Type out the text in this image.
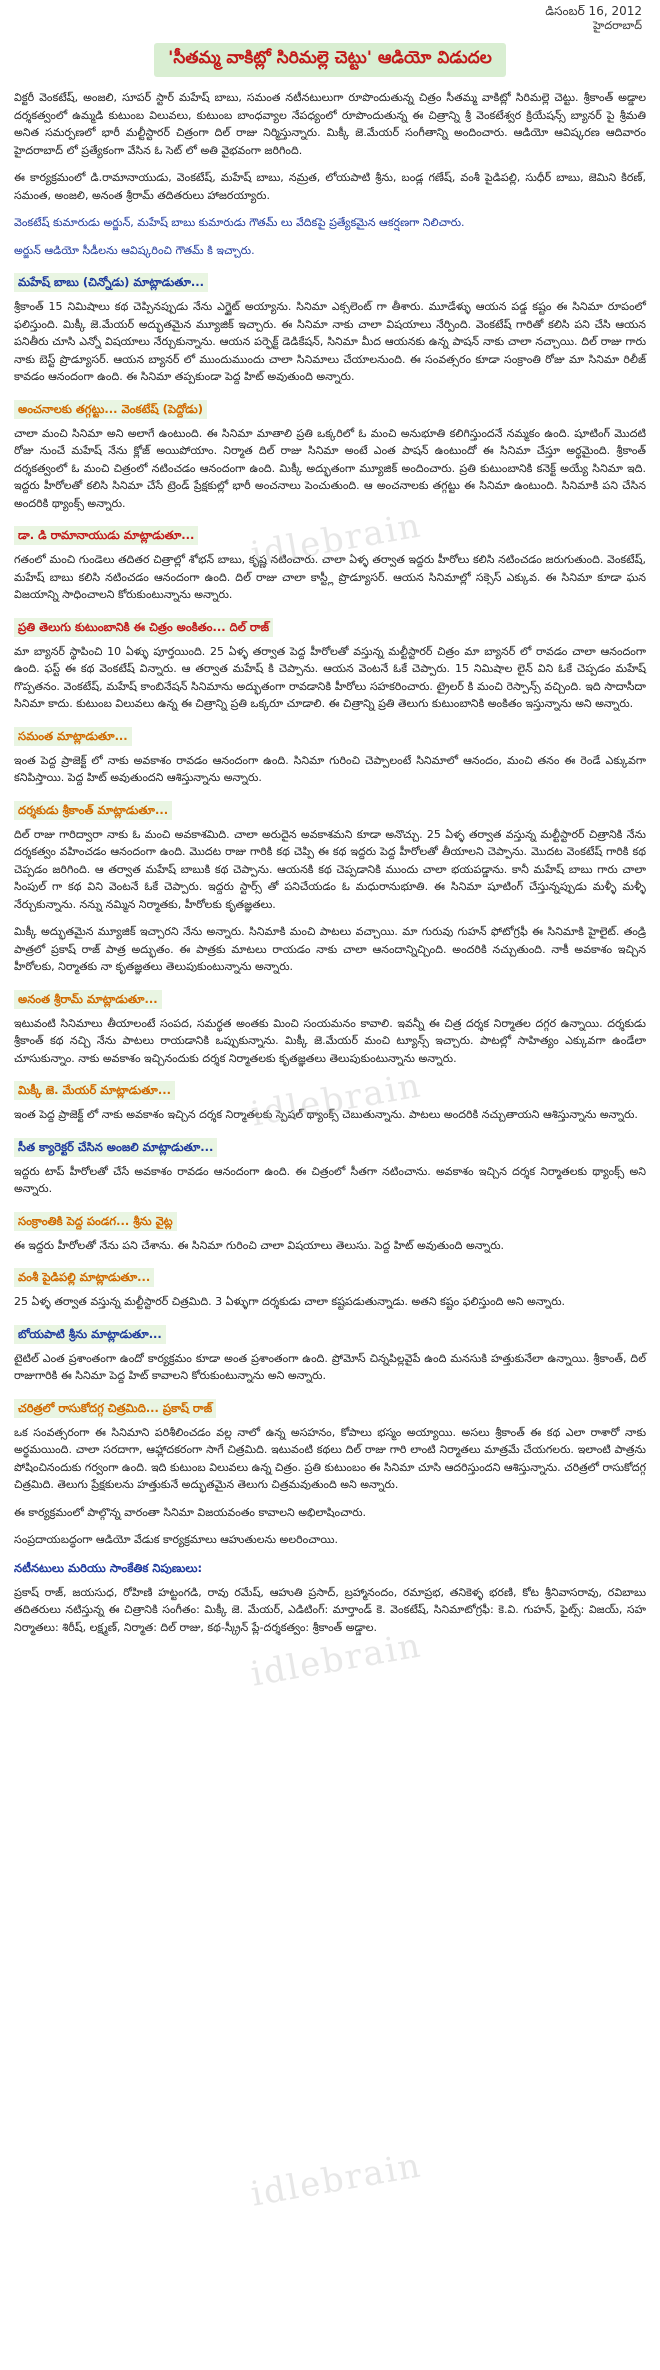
డిసంబర్ 16, 2012
హైదరాబాద్
'సీతమ్మ వాకిట్లో సిరిమల్లె చెట్టు' ఆడియో విడుదల

విక్టరీ వెంకటేష్, అంజలి, సూపర్ స్టార్ మహేష్ బాబు, సమంత నటీనటులుగా రూపొందుతున్న చిత్రం సీతమ్మ వాకిట్లో సిరిమల్లె చెట్టు. శ్రీకాంత్ అడ్డాల దర్శకత్వంలో ఉమ్మడి కుటుంబ విలువలు, కుటుంబ బాంధవ్యాల నేపధ్యంలో రూపొందుతున్న ఈ చిత్రాన్ని శ్రీ వెంకటేశ్వర క్రియేషన్స్ బ్యానర్ పై శ్రీమతి అనిత సమర్పణలో భారీ మల్టీస్టారర్ చిత్రంగా దిల్ రాజు నిర్మిస్తున్నారు. మిక్కీ జె.మేయర్ సంగీతాన్ని అందించారు. ఆడియో ఆవిష్కరణ ఆదివారం హైదరాబాద్ లో ప్రత్యేకంగా వేసిన ఓ సెట్ లో అతి వైభవంగా జరిగింది.

ఈ కార్యక్రమంలో డి.రామానాయుడు, వెంకటేష్, మహేష్ బాబు, నమ్రత, లోయపాటి శ్రీను, బండ్ల గణేష్, వంశీ పైడిపల్లి, సుధీర్ బాబు, జెమిని కిరణ్, సమంత, అంజలి, అనంత శ్రీరామ్ తదితరులు హాజరయ్యారు.

వెంకటేష్ కుమారుడు అర్జున్, మహేష్ బాబు కుమారుడు గౌతమ్ లు వేదికపై ప్రత్యేకమైన ఆకర్షణగా నిలిచారు.

అర్జున్ ఆడియో సీడీలను ఆవిష్కరించి గౌతమ్ కి ఇచ్చారు.

మహేష్ బాబు (చిన్నోడు) మాట్లాడుతూ...

శ్రీకాంత్ 15 నిమిషాలు కథ చెప్పినప్పుడు నేను ఎగ్జైట్ అయ్యాను. సినిమా ఎక్సలెంట్ గా తీశారు. మూడేళ్ళు ఆయన పడ్డ కష్టం ఈ సినిమా రూపంలో ఫలిస్తుంది. మిక్కీ జె.మేయర్ అద్భుతమైన మ్యూజిక్ ఇచ్చారు. ఈ సినిమా నాకు చాలా విషయాలు నేర్పింది. వెంకటేష్ గారితో కలిసి పని చేసి ఆయన పనితీరు చూసి ఎన్నో విషయాలు నేర్చుకున్నాను. ఆయన పర్ఫెక్ట్ డెడికేషన్, సినిమా మీద ఆయనకు ఉన్న పాషన్ నాకు చాలా నచ్చాయి. దిల్ రాజు గారు నాకు బెస్ట్ ప్రొడ్యూసర్. ఆయన బ్యానర్ లో ముందుముందు చాలా సినిమాలు చేయాలనుంది. ఈ సంవత్సరం కూడా సంక్రాంతి రోజు మా సినిమా రిలీజ్ కావడం ఆనందంగా ఉంది. ఈ సినిమా తప్పకుండా పెద్ద హిట్ అవుతుంది అన్నారు.

అంచనాలకు తగ్గట్టు... వెంకటేష్ (పెద్దోడు)

చాలా మంచి సినిమా అని అలాగే ఉంటుంది. ఈ సినిమా మాతాలి ప్రతి ఒక్కరిలో ఓ మంచి అనుభూతి కలిగిస్తుందనే నమ్మకం ఉంది. షూటింగ్ మొదటి రోజు నుంచే మహేష్ నేను క్లోజ్ అయిపోయాం. నిర్మాత దిల్ రాజు సినిమా అంటే ఎంత పాషన్ ఉంటుందో ఈ సినిమా చేస్తూ అర్థమైంది. శ్రీకాంత్ దర్శకత్వంలో ఓ మంచి చిత్రంలో నటించడం ఆనందంగా ఉంది. మిక్కీ అద్భుతంగా మ్యూజిక్ అందించారు. ప్రతి కుటుంబానికి కనెక్ట్ అయ్యే సినిమా ఇది. ఇద్దరు హీరోలతో కలిసి సినిమా చేసే ట్రెండ్ ప్రేక్షకుల్లో భారీ అంచనాలు పెంచుతుంది. ఆ అంచనాలకు తగ్గట్టు ఈ సినిమా ఉంటుంది. సినిమాకి పని చేసిన అందరికి థ్యాంక్స్ అన్నారు.

డా. డి రామానాయుడు మాట్లాడుతూ...

గతంలో మంచి గుండెలు తదితర చిత్రాల్లో శోభన్ బాబు, కృష్ణ నటించారు. చాలా ఏళ్ళ తర్వాత ఇద్దరు హీరోలు కలిసి నటించడం జరుగుతుంది. వెంకటేష్, మహేష్ బాబు కలిసి నటించడం ఆనందంగా ఉంది. దిల్ రాజు చాలా కాస్ట్లీ ప్రొడ్యూసర్. ఆయన సినిమాల్లో సక్సెస్ ఎక్కువ. ఈ సినిమా కూడా ఘన విజయాన్ని సాధించాలని కోరుకుంటున్నాను అన్నారు.

ప్రతి తెలుగు కుటుంబానికి ఈ చిత్రం అంకితం... దిల్ రాజ్

మా బ్యానర్ స్థాపించి 10 ఏళ్ళు పూర్తయింది. 25 ఏళ్ళ తర్వాత పెద్ద హీరోలతో వస్తున్న మల్టీస్టారర్ చిత్రం మా బ్యానర్ లో రావడం చాలా ఆనందంగా ఉంది. ఫస్ట్ ఈ కథ వెంకటేష్ విన్నారు. ఆ తర్వాత మహేష్ కి చెప్పాను. ఆయన వెంటనే ఓకే చెప్పారు. 15 నిమిషాల లైన్ విని ఓకే చెప్పడం మహేష్ గొప్పతనం. వెంకటేష్, మహేష్ కాంబినేషన్ సినిమాను అద్భుతంగా రావడానికి హీరోలు సహకరించారు. ట్రైలర్ కి మంచి రెస్పాన్స్ వచ్చింది. ఇది సాదాసీదా సినిమా కాదు. కుటుంబ విలువలు ఉన్న ఈ చిత్రాన్ని ప్రతి ఒక్కరూ చూడాలి. ఈ చిత్రాన్ని ప్రతి తెలుగు కుటుంబానికి అంకితం ఇస్తున్నాను అని అన్నారు.

సమంత మాట్లాడుతూ...

ఇంత పెద్ద ప్రాజెక్ట్ లో నాకు అవకాశం రావడం ఆనందంగా ఉంది. సినిమా గురించి చెప్పాలంటే సినిమాలో ఆనందం, మంచి తనం ఈ రెండే ఎక్కువగా కనిపిస్తాయి. పెద్ద హిట్ అవుతుందని ఆశిస్తున్నాను అన్నారు.

దర్శకుడు శ్రీకాంత్ మాట్లాడుతూ...

దిల్ రాజు గారిద్వారా నాకు ఓ మంచి అవకాశమిది. చాలా అరుదైన అవకాశమని కూడా అనొచ్చు. 25 ఏళ్ళ తర్వాత వస్తున్న మల్టీస్టారర్ చిత్రానికి నేను దర్శకత్వం వహించడం ఆనందంగా ఉంది. మొదట రాజు గారికి కథ చెప్పి ఈ కథ ఇద్దరు పెద్ద హీరోలతో తీయాలని చెప్పాను. మొదట వెంకటేష్ గారికి కథ చెప్పడం జరిగింది. ఆ తర్వాత మహేష్ బాబుకి కథ చెప్పాను. ఆయనకి కథ చెప్పడానికి ముందు చాలా భయపడ్డాను. కానీ మహేష్ బాబు గారు చాలా సింపుల్ గా కథ విని వెంటనే ఓకే చెప్పారు. ఇద్దరు స్టార్స్ తో పనిచేయడం ఓ మధురానుభూతి. ఈ సినిమా షూటింగ్ చేస్తున్నప్పుడు మళ్ళీ మళ్ళీ నేర్చుకున్నాను. నన్ను నమ్మిన నిర్మాతకు, హీరోలకు కృతజ్ఞతలు.

మిక్కీ అద్భుతమైన మ్యూజిక్ ఇచ్చారని నేను అన్నారు. సినిమాకి మంచి పాటలు వచ్చాయి. మా గురువు గుహన్ ఫోటోగ్రఫీ ఈ సినిమాకి హైలైట్. తండ్రి పాత్రలో ప్రకాష్ రాజ్ పాత్ర అద్భుతం. ఈ పాత్రకు మాటలు రాయడం నాకు చాలా ఆనందాన్నిచ్చింది. అందరికి నచ్చుతుంది. నాకీ అవకాశం ఇచ్చిన హీరోలకు, నిర్మాతకు నా కృతజ్ఞతలు తెలుపుకుంటున్నాను అన్నారు.

అనంత శ్రీరామ్ మాట్లాడుతూ...

ఇటువంటి సినిమాలు తీయాలంటే సంపద, సమర్థత అంతకు మించి సంయమనం కావాలి. ఇవన్నీ ఈ చిత్ర దర్శక నిర్మాతల దగ్గర ఉన్నాయి. దర్శకుడు శ్రీకాంత్ కథ నచ్చి నేను పాటలు రాయడానికి ఒప్పుకున్నాను. మిక్కీ జె.మేయర్ మంచి ట్యూన్స్ ఇచ్చారు. పాటల్లో సాహిత్యం ఎక్కువగా ఉండేలా చూసుకున్నాం. నాకు అవకాశం ఇచ్చినందుకు దర్శక నిర్మాతలకు కృతజ్ఞతలు తెలుపుకుంటున్నాను అన్నారు.

మిక్కీ జె. మేయర్ మాట్లాడుతూ...

ఇంత పెద్ద ప్రాజెక్ట్ లో నాకు అవకాశం ఇచ్చిన దర్శక నిర్మాతలకు స్పెషల్ థ్యాంక్స్ చెబుతున్నాను. పాటలు అందరికి నచ్చుతాయని ఆశిస్తున్నాను అన్నారు.

సీత క్యారెక్టర్ చేసిన అంజలి మాట్లాడుతూ...

ఇద్దరు టాప్ హీరోలతో చేసే అవకాశం రావడం ఆనందంగా ఉంది. ఈ చిత్రంలో సీతగా నటించాను. అవకాశం ఇచ్చిన దర్శక నిర్మాతలకు థ్యాంక్స్ అని అన్నారు.

సంక్రాంతికి పెద్ద పండగ... శ్రీను వైట్ల

ఈ ఇద్దరు హీరోలతో నేను పని చేశాను. ఈ సినిమా గురించి చాలా విషయాలు తెలుసు. పెద్ద హిట్ అవుతుంది అన్నారు.

వంశీ పైడిపల్లి మాట్లాడుతూ...

25 ఏళ్ళ తర్వాత వస్తున్న మల్టీస్టారర్ చిత్రమిది. 3 ఏళ్ళుగా దర్శకుడు చాలా కష్టపడుతున్నాడు. అతని కష్టం ఫలిస్తుంది అని అన్నారు.

బోయపాటి శ్రీను మాట్లాడుతూ...

టైటిల్ ఎంత ప్రశాంతంగా ఉందో కార్యక్రమం కూడా అంత ప్రశాంతంగా ఉంది. ప్రోమోస్ చిన్నపిల్లవైపే ఉంది మనసుకి హత్తుకునేలా ఉన్నాయి. శ్రీకాంత్, దిల్ రాజుగారికి ఈ సినిమా పెద్ద హిట్ కావాలని కోరుకుంటున్నాను అని అన్నారు.

చరిత్రలో రాసుకోదగ్గ చిత్రమిది... ప్రకాష్ రాజ్

ఒక సంవత్సరంగా ఈ సినిమాని పరిశీలించడం వల్ల నాలో ఉన్న అసహనం, కోపాలు భస్మం అయ్యాయి. అసలు శ్రీకాంత్ ఈ కథ ఎలా రాశారో నాకు అర్థమయింది. చాలా సరదాగా, ఆహ్లాదకరంగా సాగే చిత్రమిది. ఇటువంటి కథలు దిల్ రాజు గారి లాంటి నిర్మాతలు మాత్రమే చేయగలరు. ఇలాంటి పాత్రను పోషించినందుకు గర్వంగా ఉంది. ఇది కుటుంబ విలువలు ఉన్న చిత్రం. ప్రతి కుటుంబం ఈ సినిమా చూసి ఆదరిస్తుందని ఆశిస్తున్నాను. చరిత్రలో రాసుకోదగ్గ చిత్రమిది. తెలుగు ప్రేక్షకులను హత్తుకునే అద్భుతమైన తెలుగు చిత్రమవుతుంది అని అన్నారు.

ఈ కార్యక్రమంలో పాల్గొన్న వారంతా సినిమా విజయవంతం కావాలని అభిలాషించారు.

సంప్రదాయబద్ధంగా ఆడియో వేడుక కార్యక్రమాలు ఆహుతులను అలరించాయి.

నటీనటులు మరియు సాంకేతిక నిపుణులు:

ప్రకాష్ రాజ్, జయసుధ, రోహిణి హట్టంగడి, రావు రమేష్, ఆహుతి ప్రసాద్, బ్రహ్మానందం, రమాప్రభ, తనికెళ్ళ భరణి, కోట శ్రీనివాసరావు, రవిబాబు తదితరులు నటిస్తున్న ఈ చిత్రానికి సంగీతం: మిక్కీ జె. మేయర్, ఎడిటింగ్: మార్తాండ్ కె. వెంకటేష్, సినిమాటోగ్రఫీ: కె.వి. గుహన్, ఫైట్స్: విజయ్, సహ నిర్మాతలు: శిరీష్, లక్ష్మణ్, నిర్మాత: దిల్ రాజు, కథ-స్క్రీన్ ప్లే-దర్శకత్వం: శ్రీకాంత్ అడ్డాల.

idlebrain
idlebrain
idlebrain
idlebrain
